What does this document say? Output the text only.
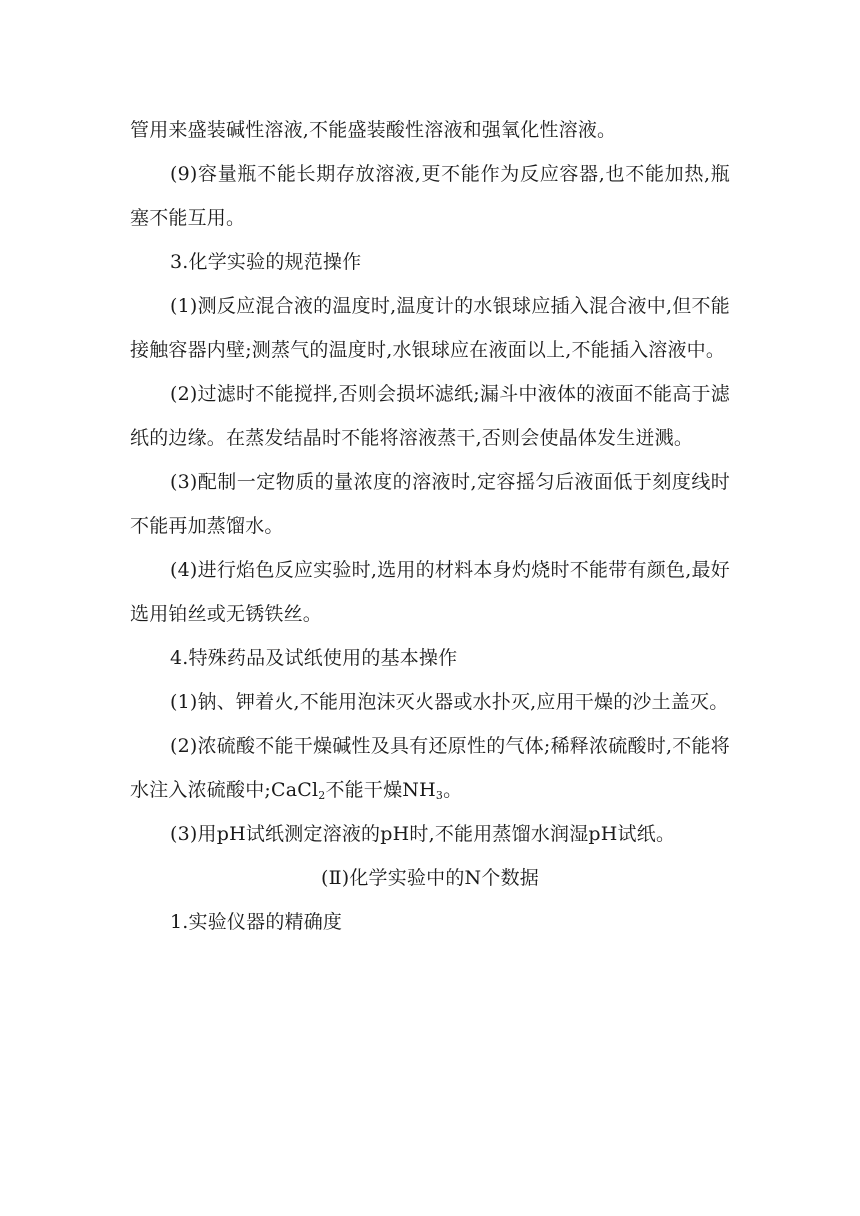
管用来盛装碱性溶液,不能盛装酸性溶液和强氧化性溶液。

(9)容量瓶不能长期存放溶液,更不能作为反应容器,也不能加热,瓶塞不能互用。

3.化学实验的规范操作

(1)测反应混合液的温度时,温度计的水银球应插入混合液中,但不能接触容器内壁;测蒸气的温度时,水银球应在液面以上,不能插入溶液中。

(2)过滤时不能搅拌,否则会损坏滤纸;漏斗中液体的液面不能高于滤纸的边缘。在蒸发结晶时不能将溶液蒸干,否则会使晶体发生迸溅。

(3)配制一定物质的量浓度的溶液时,定容摇匀后液面低于刻度线时不能再加蒸馏水。

(4)进行焰色反应实验时,选用的材料本身灼烧时不能带有颜色,最好选用铂丝或无锈铁丝。

4.特殊药品及试纸使用的基本操作

(1)钠、钾着火,不能用泡沫灭火器或水扑灭,应用干燥的沙土盖灭。

(2)浓硫酸不能干燥碱性及具有还原性的气体;稀释浓硫酸时,不能将水注入浓硫酸中;CaCl$_2$不能干燥$NH_3$。

(3)用pH试纸测定溶液的pH时,不能用蒸馏水润湿pH试纸。

(Ⅱ)化学实验中的N个数据

1.实验仪器的精确度
